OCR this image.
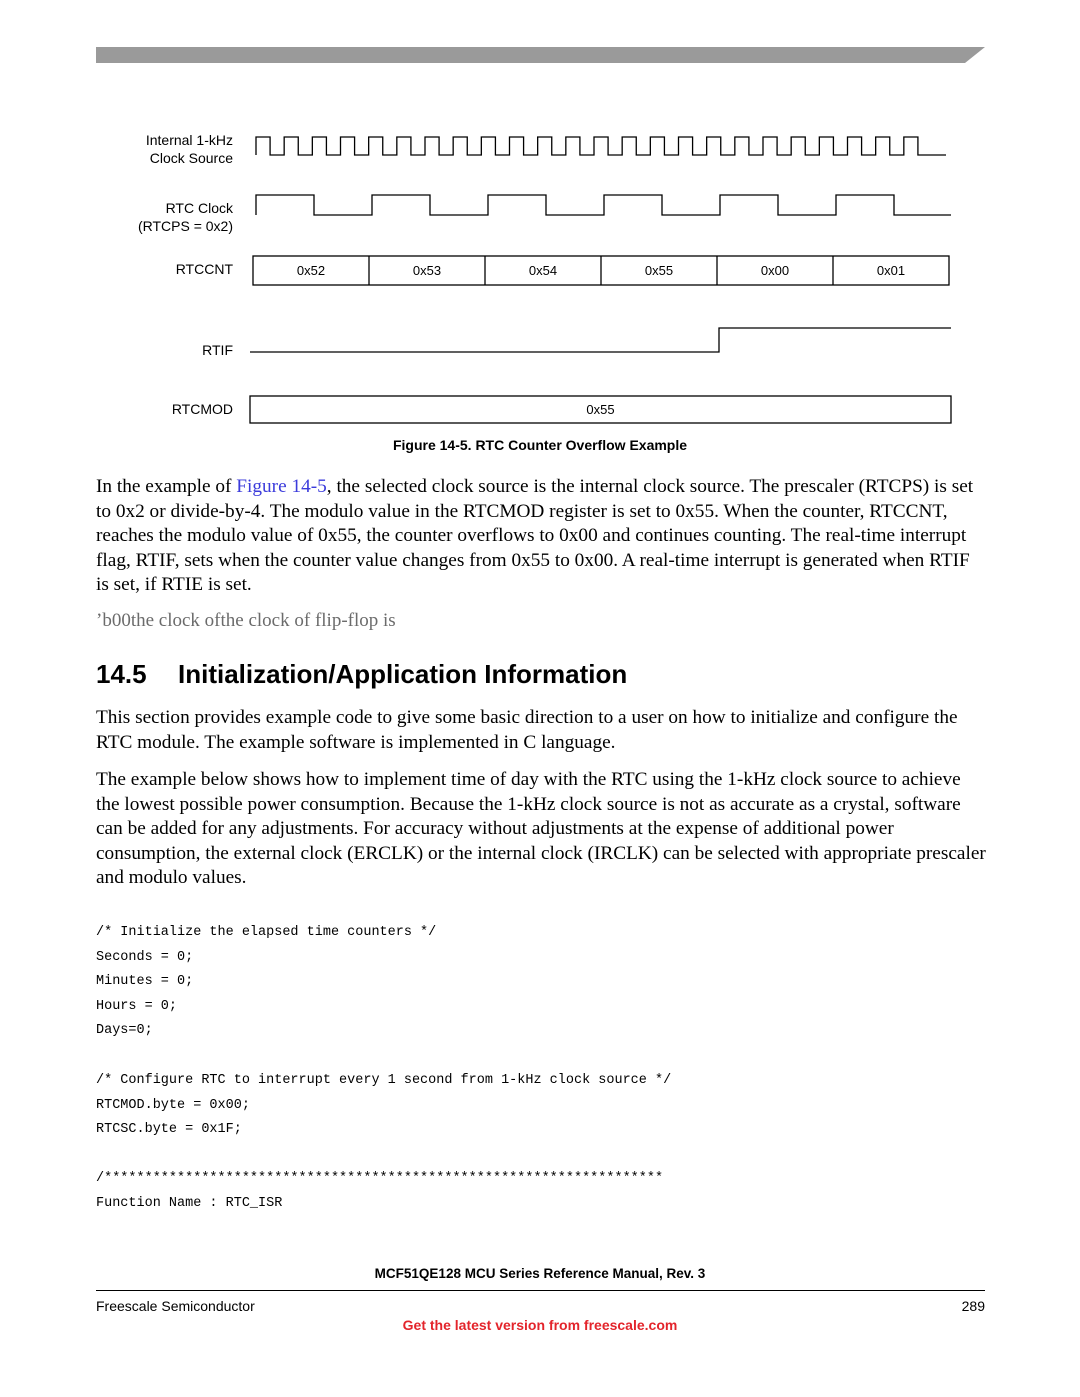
Internal 1-kHz
Clock Source
RTC Clock
(RTCPS = 0x2)
RTCCNT
RTIF
RTCMOD
0x52	0x53	0x54	0x55	0x00	0x01
0x55
Figure 14-5. RTC Counter Overflow Example

In the example of Figure 14-5, the selected clock source is the internal clock source. The prescaler (RTCPS) is set to 0x2 or divide-by-4. The modulo value in the RTCMOD register is set to 0x55. When the counter, RTCCNT, reaches the modulo value of 0x55, the counter overflows to 0x00 and continues counting. The real-time interrupt flag, RTIF, sets when the counter value changes from 0x55 to 0x00. A real-time interrupt is generated when RTIF is set, if RTIE is set.

’b00the clock ofthe clock of flip-flop is
14.5 Initialization/Application Information

This section provides example code to give some basic direction to a user on how to initialize and configure the RTC module. The example software is implemented in C language.

The example below shows how to implement time of day with the RTC using the 1-kHz clock source to achieve the lowest possible power consumption. Because the 1-kHz clock source is not as accurate as a crystal, software can be added for any adjustments. For accuracy without adjustments at the expense of additional power consumption, the external clock (ERCLK) or the internal clock (IRCLK) can be selected with appropriate prescaler and modulo values.

/* Initialize the elapsed time counters */
Seconds = 0;
Minutes = 0;
Hours = 0;
Days=0;
/* Configure RTC to interrupt every 1 second from 1-kHz clock source */
RTCMOD.byte = 0x00;
RTCSC.byte = 0x1F;
/*********************************************************************
Function Name : RTC_ISR
MCF51QE128 MCU Series Reference Manual, Rev. 3
Freescale Semiconductor	289
Get the latest version from freescale.com
